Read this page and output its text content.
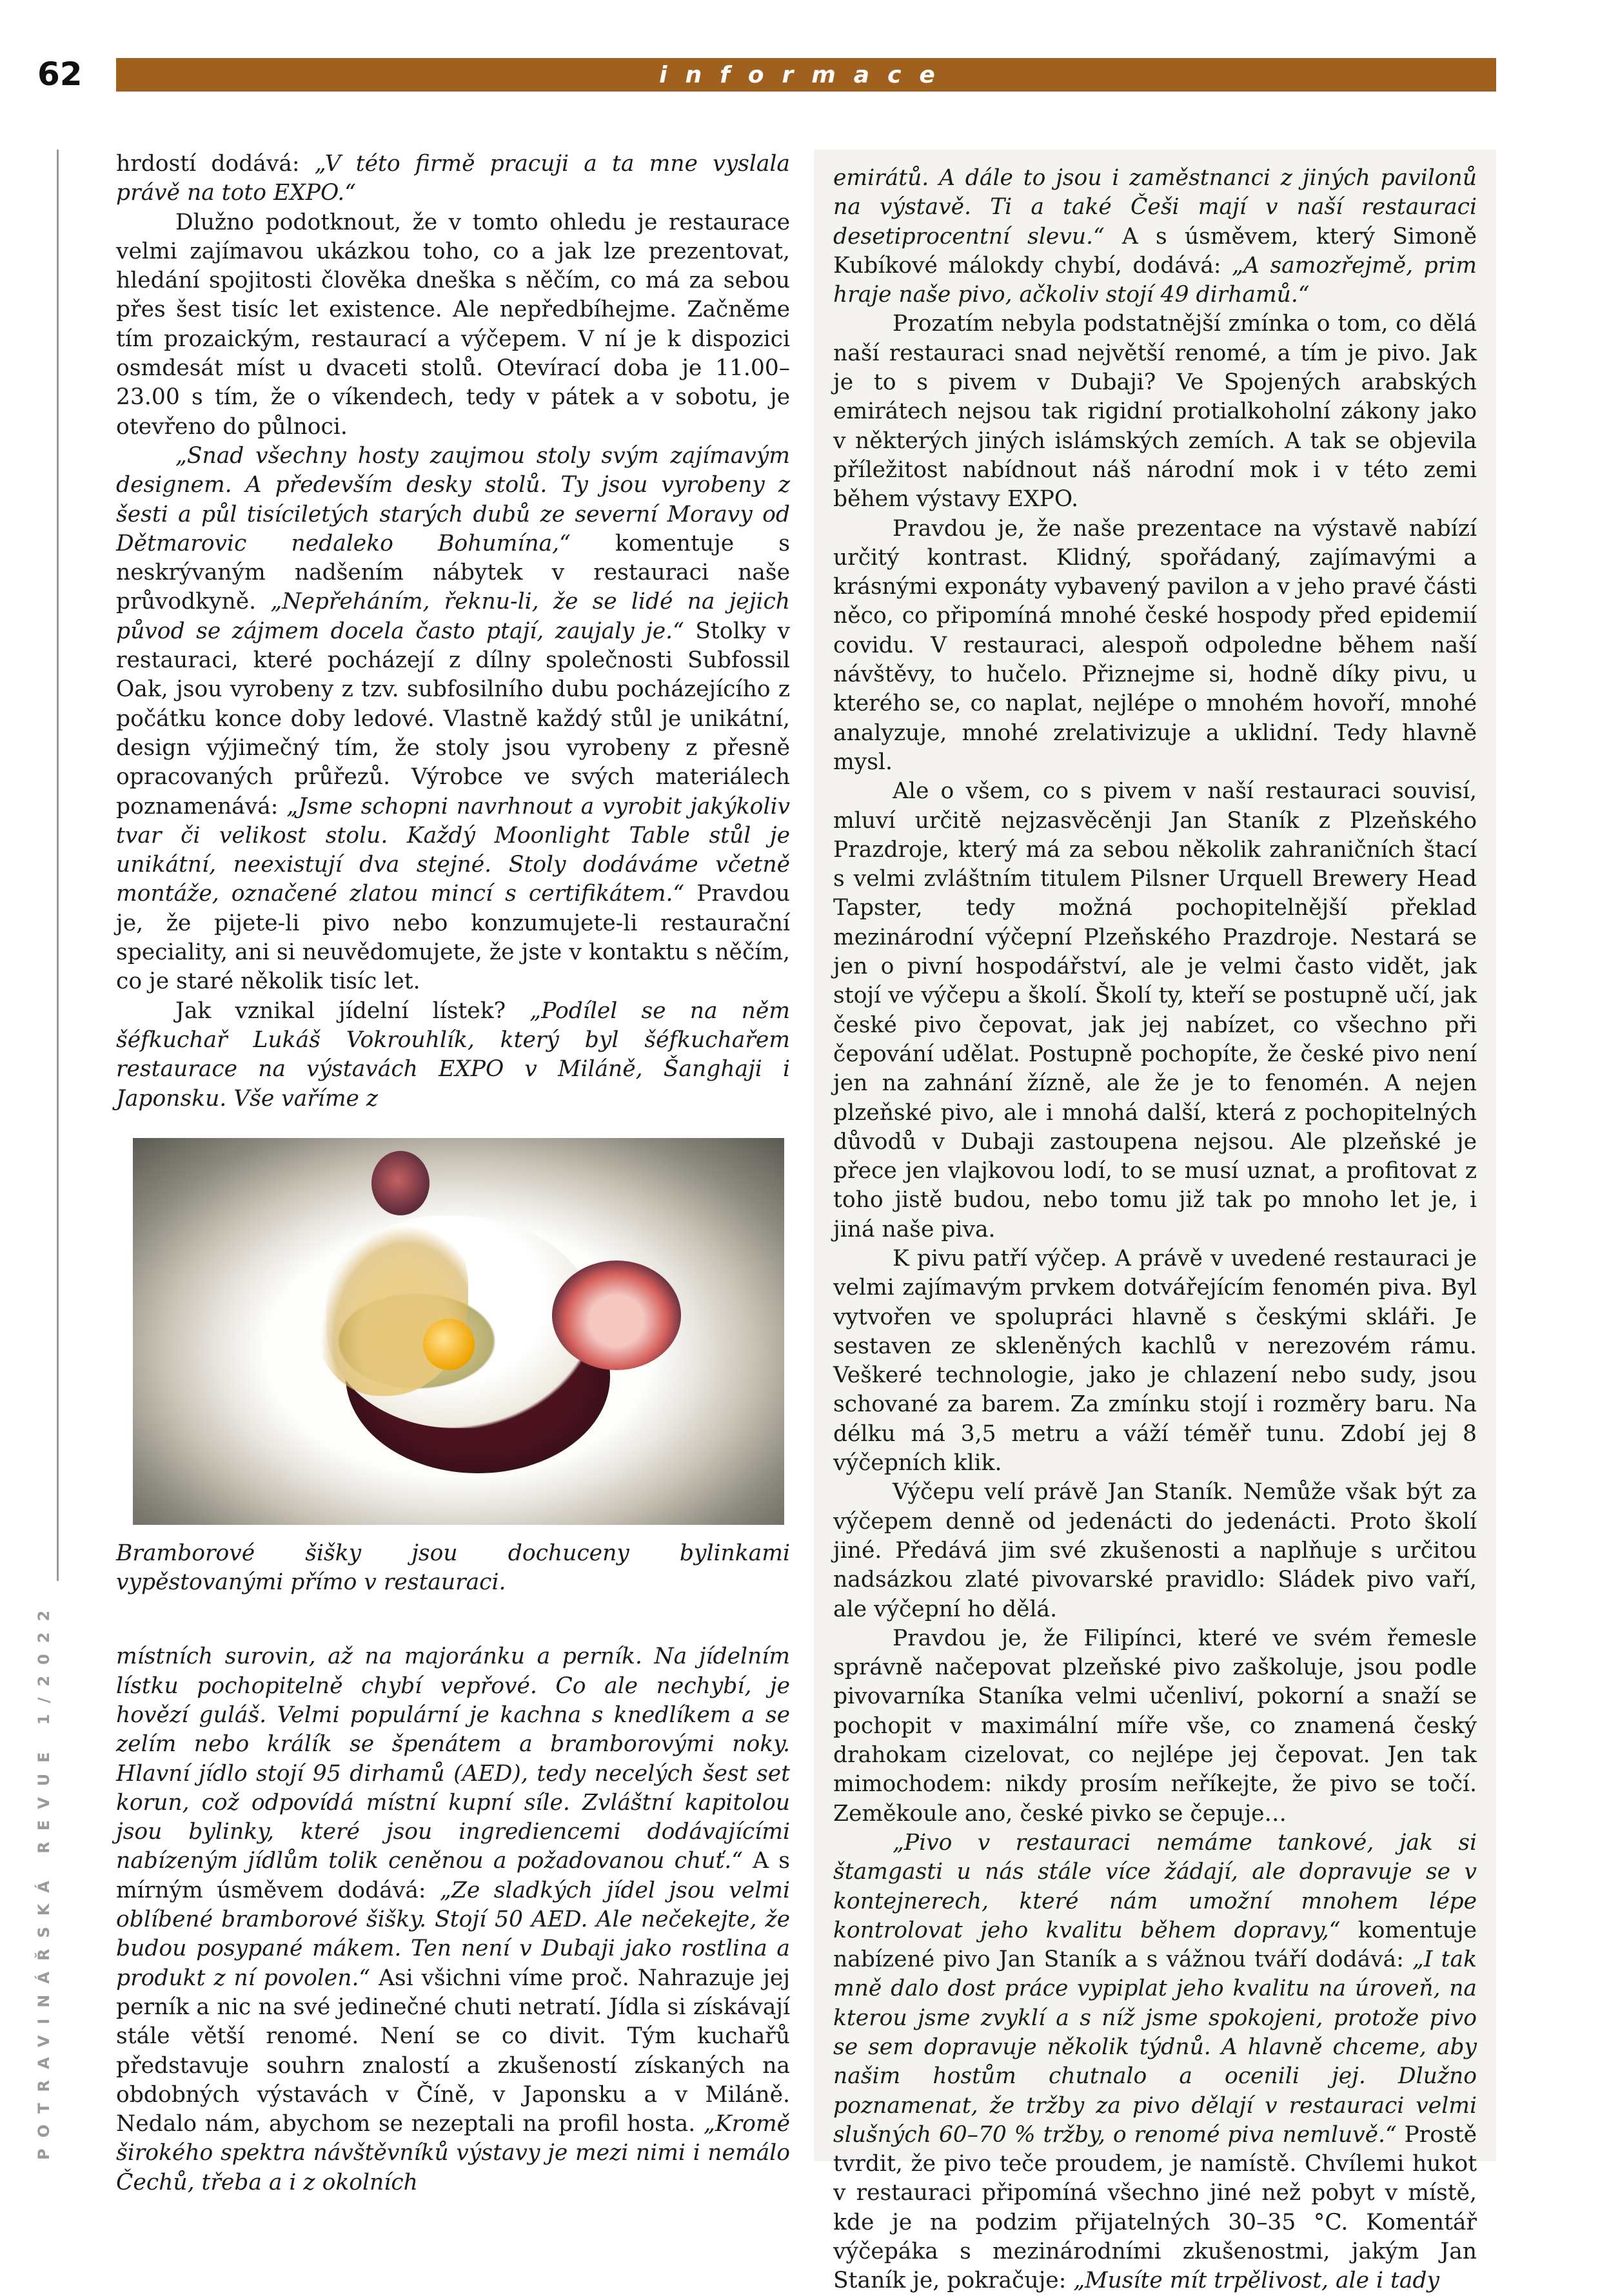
62	informace
POTRAVINÁŘSKÁ REVUE 1/2022

hrdostí dodává: „V této firmě pracuji a ta mne vyslala právě na toto EXPO.“

Dlužno podotknout, že v tomto ohledu je restaurace velmi zajímavou ukázkou toho, co a jak lze prezentovat, hledání spojitosti člověka dneška s něčím, co má za sebou přes šest tisíc let existence. Ale nepředbíhejme. Začněme tím prozaickým, restaurací a výčepem. V ní je k dispozici osmdesát míst u dvaceti stolů. Otevírací doba je 11.00–23.00 s tím, že o víkendech, tedy v pátek a v sobotu, je otevřeno do půlnoci.

„Snad všechny hosty zaujmou stoly svým zajímavým designem. A především desky stolů. Ty jsou vyrobeny z šesti a půl tisíciletých starých dubů ze severní Moravy od Dětmarovic nedaleko Bohumína,“ komentuje s neskrývaným nadšením nábytek v restauraci naše průvodkyně. „Nepřeháním, řeknu-li, že se lidé na jejich původ se zájmem docela často ptají, zaujaly je.“ Stolky v restauraci, které pocházejí z dílny společnosti Subfossil Oak, jsou vyrobeny z tzv. subfosilního dubu pocházejícího z počátku konce doby ledové. Vlastně každý stůl je unikátní, design výjimečný tím, že stoly jsou vyrobeny z přesně opracovaných průřezů. Výrobce ve svých materiálech poznamenává: „Jsme schopni navrhnout a vyrobit jakýkoliv tvar či velikost stolu. Každý Moonlight Table stůl je unikátní, neexistují dva stejné. Stoly dodáváme včetně montáže, označené zlatou mincí s certifikátem.“ Pravdou je, že pijete-li pivo nebo konzumujete-li restaurační speciality, ani si neuvědomujete, že jste v kontaktu s něčím, co je staré několik tisíc let.

Jak vznikal jídelní lístek? „Podílel se na něm šéfkuchař Lukáš Vokrouhlík, který byl šéfkuchařem restaurace na výstavách EXPO v Miláně, Šanghaji i Japonsku. Vše vaříme z

Bramborové šišky jsou dochuceny bylinkami vypěstovanými přímo v restauraci.

místních surovin, až na majoránku a perník. Na jídelním lístku pochopitelně chybí vepřové. Co ale nechybí, je hovězí guláš. Velmi populární je kachna s knedlíkem a se zelím nebo králík se špenátem a bramborovými noky. Hlavní jídlo stojí 95 dirhamů (AED), tedy necelých šest set korun, což odpovídá místní kupní síle. Zvláštní kapitolou jsou bylinky, které jsou ingrediencemi dodávajícími nabízeným jídlům tolik ceněnou a požadovanou chuť.“ A s mírným úsměvem dodává: „Ze sladkých jídel jsou velmi oblíbené bramborové šišky. Stojí 50 AED. Ale nečekejte, že budou posypané mákem. Ten není v Dubaji jako rostlina a produkt z ní povolen.“ Asi všichni víme proč. Nahrazuje jej perník a nic na své jedinečné chuti netratí. Jídla si získávají stále větší renomé. Není se co divit. Tým kuchařů představuje souhrn znalostí a zkušeností získaných na obdobných výstavách v Číně, v Japonsku a v Miláně. Nedalo nám, abychom se nezeptali na profil hosta. „Kromě širokého spektra návštěvníků výstavy je mezi nimi i nemálo Čechů, třeba a i z okolních

emirátů. A dále to jsou i zaměstnanci z jiných pavilonů na výstavě. Ti a také Češi mají v naší restauraci desetiprocentní slevu.“ A s úsměvem, který Simoně Kubíkové málokdy chybí, dodává: „A samozřejmě, prim hraje naše pivo, ačkoliv stojí 49 dirhamů.“

Prozatím nebyla podstatnější zmínka o tom, co dělá naší restauraci snad největší renomé, a tím je pivo. Jak je to s pivem v Dubaji? Ve Spojených arabských emirátech nejsou tak rigidní protialkoholní zákony jako v některých jiných islámských zemích. A tak se objevila příležitost nabídnout náš národní mok i v této zemi během výstavy EXPO.

Pravdou je, že naše prezentace na výstavě nabízí určitý kontrast. Klidný, spořádaný, zajímavými a krásnými exponáty vybavený pavilon a v jeho pravé části něco, co připomíná mnohé české hospody před epidemií covidu. V restauraci, alespoň odpoledne během naší návštěvy, to hučelo. Přiznejme si, hodně díky pivu, u kterého se, co naplat, nejlépe o mnohém hovoří, mnohé analyzuje, mnohé zrelativizuje a uklidní. Tedy hlavně mysl.

Ale o všem, co s pivem v naší restauraci souvisí, mluví určitě nejzasvěcěnji Jan Staník z Plzeňského Prazdroje, který má za sebou několik zahraničních štací s velmi zvláštním titulem Pilsner Urquell Brewery Head Tapster, tedy možná pochopitelnější překlad mezinárodní výčepní Plzeňského Prazdroje. Nestará se jen o pivní hospodářství, ale je velmi často vidět, jak stojí ve výčepu a školí. Školí ty, kteří se postupně učí, jak české pivo čepovat, jak jej nabízet, co všechno při čepování udělat. Postupně pochopíte, že české pivo není jen na zahnání žízně, ale že je to fenomén. A nejen plzeňské pivo, ale i mnohá další, která z pochopitelných důvodů v Dubaji zastoupena nejsou. Ale plzeňské je přece jen vlajkovou lodí, to se musí uznat, a profitovat z toho jistě budou, nebo tomu již tak po mnoho let je, i jiná naše piva.

K pivu patří výčep. A právě v uvedené restauraci je velmi zajímavým prvkem dotvářejícím fenomén piva. Byl vytvořen ve spolupráci hlavně s českými skláři. Je sestaven ze skleněných kachlů v nerezovém rámu. Veškeré technologie, jako je chlazení nebo sudy, jsou schované za barem. Za zmínku stojí i rozměry baru. Na délku má 3,5 metru a váží téměř tunu. Zdobí jej 8 výčepních klik.

Výčepu velí právě Jan Staník. Nemůže však být za výčepem denně od jedenácti do jedenácti. Proto školí jiné. Předává jim své zkušenosti a naplňuje s určitou nadsázkou zlaté pivovarské pravidlo: Sládek pivo vaří, ale výčepní ho dělá.

Pravdou je, že Filipínci, které ve svém řemesle správně načepovat plzeňské pivo zaškoluje, jsou podle pivovarníka Staníka velmi učenliví, pokorní a snaží se pochopit v maximální míře vše, co znamená český drahokam cizelovat, co nejlépe jej čepovat. Jen tak mimochodem: nikdy prosím neříkejte, že pivo se točí. Zeměkoule ano, české pivko se čepuje…

„Pivo v restauraci nemáme tankové, jak si štamgasti u nás stále více žádají, ale dopravuje se v kontejnerech, které nám umožní mnohem lépe kontrolovat jeho kvalitu během dopravy,“ komentuje nabízené pivo Jan Staník a s vážnou tváří dodává: „I tak mně dalo dost práce vypiplat jeho kvalitu na úroveň, na kterou jsme zvyklí a s níž jsme spokojeni, protože pivo se sem dopravuje několik týdnů. A hlavně chceme, aby našim hostům chutnalo a ocenili jej. Dlužno poznamenat, že tržby za pivo dělají v restauraci velmi slušných 60–70 % tržby, o renomé piva nemluvě.“ Prostě tvrdit, že pivo teče proudem, je namístě. Chvílemi hukot v restauraci připomíná všechno jiné než pobyt v místě, kde je na podzim přijatelných 30–35 °C. Komentář výčepáka s mezinárodními zkušenostmi, jakým Jan Staník je, pokračuje: „Musíte mít trpělivost, ale i tady
